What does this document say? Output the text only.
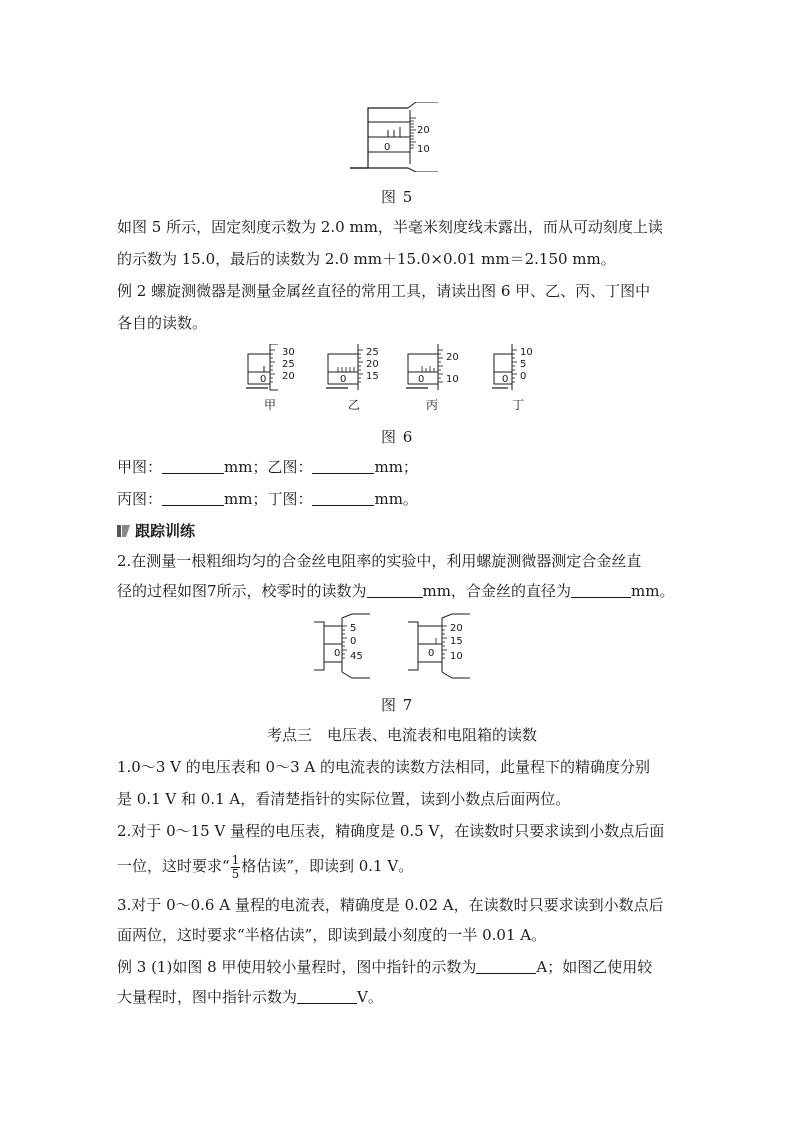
20
10
0
图 5
如图 5 所示，固定刻度示数为 2.0 mm，半毫米刻度线未露出，而从可动刻度上读
的示数为 15.0，最后的读数为 2.0 mm＋15.0×0.01 mm＝2.150 mm。
例 2 螺旋测微器是测量金属丝直径的常用工具，请读出图 6 甲、乙、丙、丁图中
各自的读数。
30
25
20
0
25
20
15
0
20
10
0
10
5
0
0
甲	乙	丙	丁
图 6
甲图：	mm；乙图：	mm；
丙图：	mm；丁图：	mm。
跟踪训练
2.在测量一根粗细均匀的合金丝电阻率的实验中，利用螺旋测微器测定合金丝直
径的过程如图7所示，校零时的读数为	mm，合金丝的直径为	mm。
5
0
45
0
20
15
10
0
图 7
考点三　电压表、电流表和电阻箱的读数
1.0～3 V 的电压表和 0～3 A 的电流表的读数方法相同，此量程下的精确度分别
是 0.1 V 和 0.1 A，看清楚指针的实际位置，读到小数点后面两位。
2.对于 0～15 V 量程的电压表，精确度是 0.5 V，在读数时只要求读到小数点后面
一位，这时要求“ $\frac{1}{5}$ 格估读”，即读到 0.1 V。
3.对于 0～0.6 A 量程的电流表，精确度是 0.02 A，在读数时只要求读到小数点后
面两位，这时要求“半格估读”，即读到最小刻度的一半 0.01 A。
例 3 (1)如图 8 甲使用较小量程时，图中指针的示数为	A；如图乙使用较
大量程时，图中指针示数为	V。
